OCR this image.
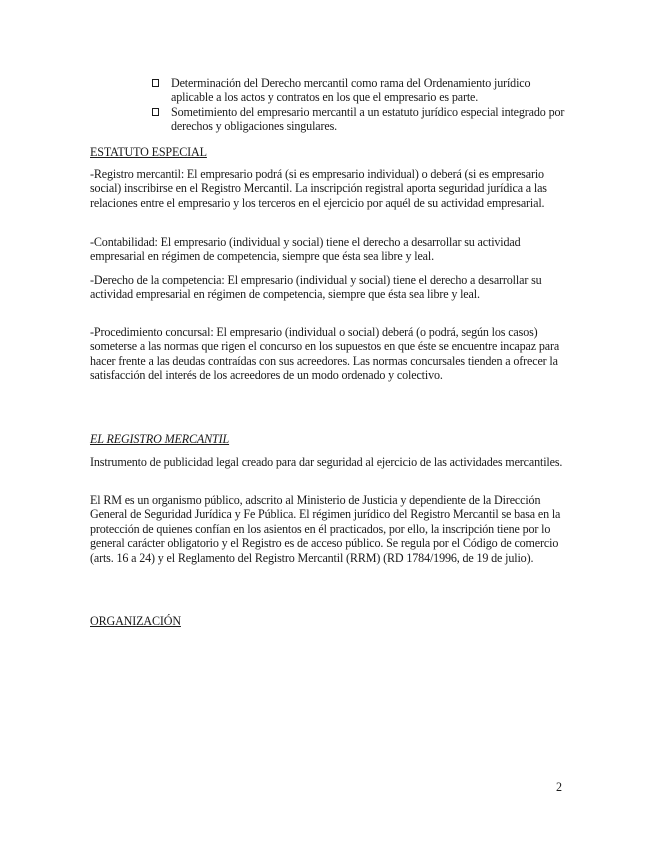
Determinación del Derecho mercantil como rama del Ordenamiento jurídico aplicable a los actos y contratos en los que el empresario es parte.
Sometimiento del empresario mercantil a un estatuto jurídico especial integrado por derechos y obligaciones singulares.
ESTATUTO ESPECIAL

-Registro mercantil: El empresario podrá (si es empresario individual) o deberá (si es empresario social) inscribirse en el Registro Mercantil. La inscripción registral aporta seguridad jurídica a las relaciones entre el empresario y los terceros en el ejercicio por aquél de su actividad empresarial.

-Contabilidad: El empresario (individual y social) tiene el derecho a desarrollar su actividad empresarial en régimen de competencia, siempre que ésta sea libre y leal.

-Derecho de la competencia: El empresario (individual y social) tiene el derecho a desarrollar su actividad empresarial en régimen de competencia, siempre que ésta sea libre y leal.

-Procedimiento concursal: El empresario (individual o social) deberá (o podrá, según los casos) someterse a las normas que rigen el concurso en los supuestos en que éste se encuentre incapaz para hacer frente a las deudas contraídas con sus acreedores. Las normas concursales tienden a ofrecer la satisfacción del interés de los acreedores de un modo ordenado y colectivo.

EL REGISTRO MERCANTIL

Instrumento de publicidad legal creado para dar seguridad al ejercicio de las actividades mercantiles.

El RM es un organismo público, adscrito al Ministerio de Justicia y dependiente de la Dirección General de Seguridad Jurídica y Fe Pública. El régimen jurídico del Registro Mercantil se basa en la protección de quienes confían en los asientos en él practicados, por ello, la inscripción tiene por lo general carácter obligatorio y el Registro es de acceso público. Se regula por el Código de comercio (arts. 16 a 24) y el Reglamento del Registro Mercantil (RRM) (RD 1784/1996, de 19 de julio).

ORGANIZACIÓN
2
